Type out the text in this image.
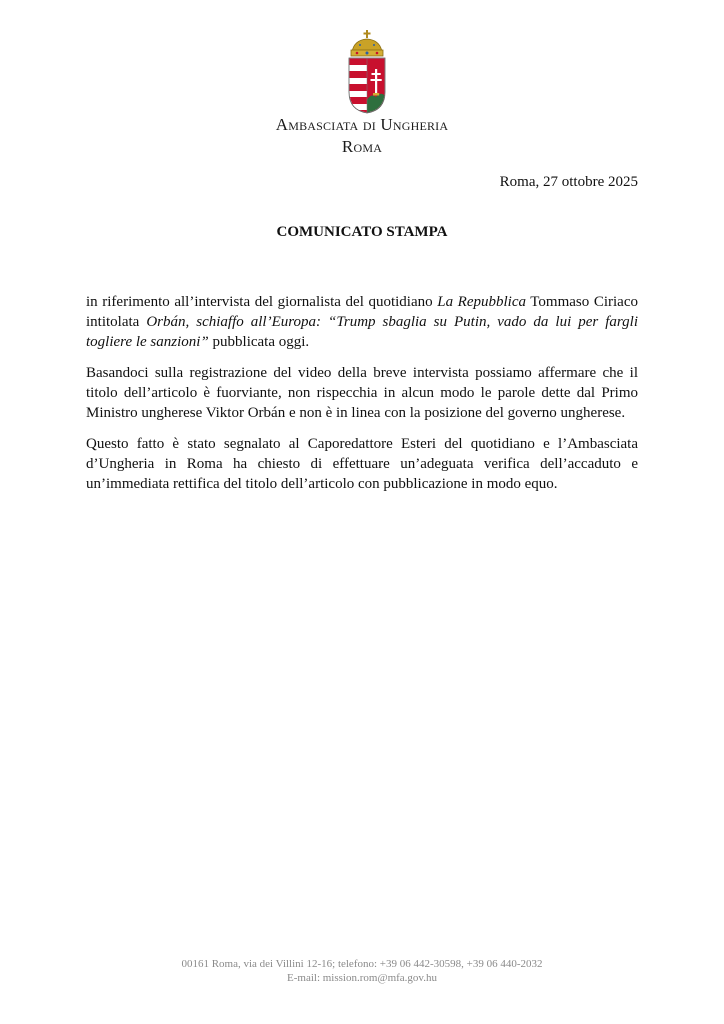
Ambasciata di Ungheria
Roma
Roma, 27 ottobre 2025
COMUNICATO STAMPA

in riferimento all’intervista del giornalista del quotidiano La Repubblica Tommaso Ciriaco intitolata Orbán, schiaffo all’Europa: “Trump sbaglia su Putin, vado da lui per fargli togliere le sanzioni” pubblicata oggi.

Basandoci sulla registrazione del video della breve intervista possiamo affermare che il titolo dell’articolo è fuorviante, non rispecchia in alcun modo le parole dette dal Primo Ministro ungherese Viktor Orbán e non è in linea con la posizione del governo ungherese.

Questo fatto è stato segnalato al Caporedattore Esteri del quotidiano e l’Ambasciata d’Ungheria in Roma ha chiesto di effettuare un’adeguata verifica dell’accaduto e un’immediata rettifica del titolo dell’articolo con pubblicazione in modo equo.

00161 Roma, via dei Villini 12-16; telefono: +39 06 442-30598, +39 06 440-2032
E-mail: mission.rom@mfa.gov.hu
